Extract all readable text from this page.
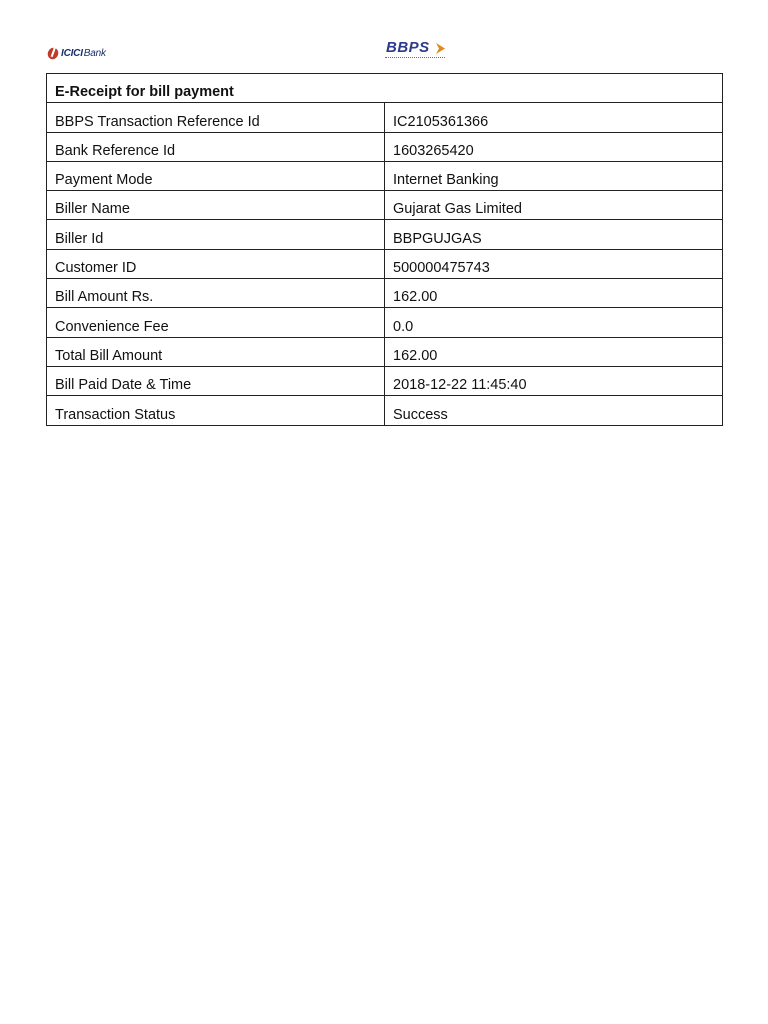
ICICIBank	BBPS
E-Receipt for bill payment	
BBPS Transaction Reference Id	IC2105361366
Bank Reference Id	1603265420
Payment Mode	Internet Banking
Biller Name	Gujarat Gas Limited
Biller Id	BBPGUJGAS
Customer ID	500000475743
Bill Amount Rs.	162.00
Convenience Fee	0.0
Total Bill Amount	162.00
Bill Paid Date & Time	2018-12-22 11:45:40
Transaction Status	Success
